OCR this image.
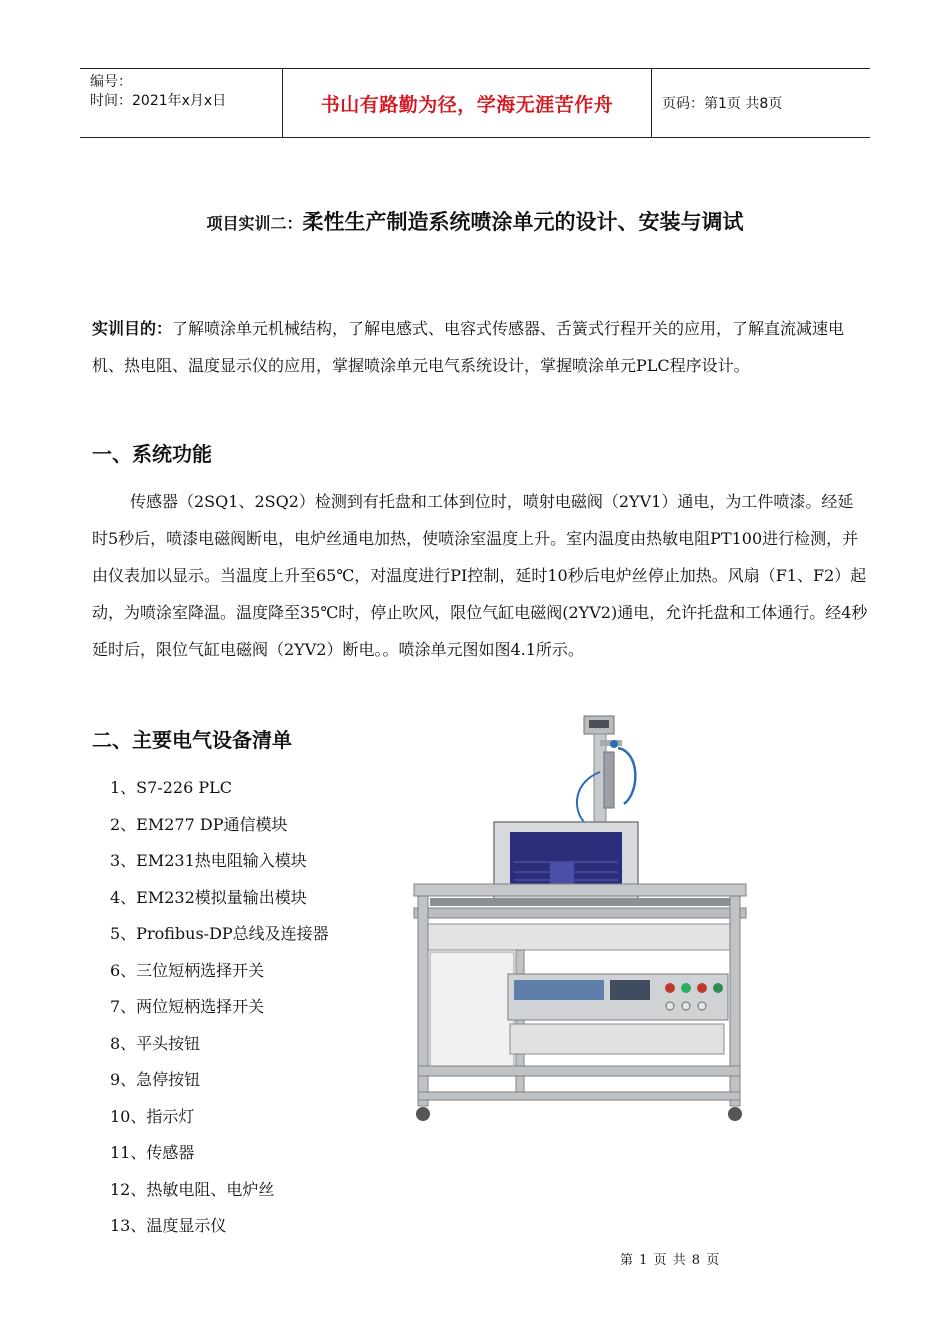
编号：
时间：2021年x月x日	书山有路勤为径，学海无涯苦作舟	页码：第1页 共8页
项目实训二：柔性生产制造系统喷涂单元的设计、安装与调试
实训目的：了解喷涂单元机械结构，了解电感式、电容式传感器、舌簧式行程开关的应用，了解直流减速电机、热电阻、温度显示仪的应用，掌握喷涂单元电气系统设计，掌握喷涂单元PLC程序设计。
一、系统功能
传感器（2SQ1、2SQ2）检测到有托盘和工体到位时，喷射电磁阀（2YV1）通电，为工件喷漆。经延时5秒后，喷漆电磁阀断电，电炉丝通电加热，使喷涂室温度上升。室内温度由热敏电阻PT100进行检测，并由仪表加以显示。当温度上升至65℃，对温度进行PI控制，延时10秒后电炉丝停止加热。风扇（F1、F2）起动，为喷涂室降温。温度降至35℃时，停止吹风，限位气缸电磁阀(2YV2)通电，允许托盘和工体通行。经4秒延时后，限位气缸电磁阀（2YV2）断电。。喷涂单元图如图4.1所示。
二、主要电气设备清单
1、S7-226 PLC
2、EM277 DP通信模块
3、EM231热电阻输入模块
4、EM232模拟量输出模块
5、Profibus-DP总线及连接器
6、三位短柄选择开关
7、两位短柄选择开关
8、平头按钮
9、急停按钮
10、指示灯
11、传感器
12、热敏电阻、电炉丝
13、温度显示仪
第 1 页 共 8 页
